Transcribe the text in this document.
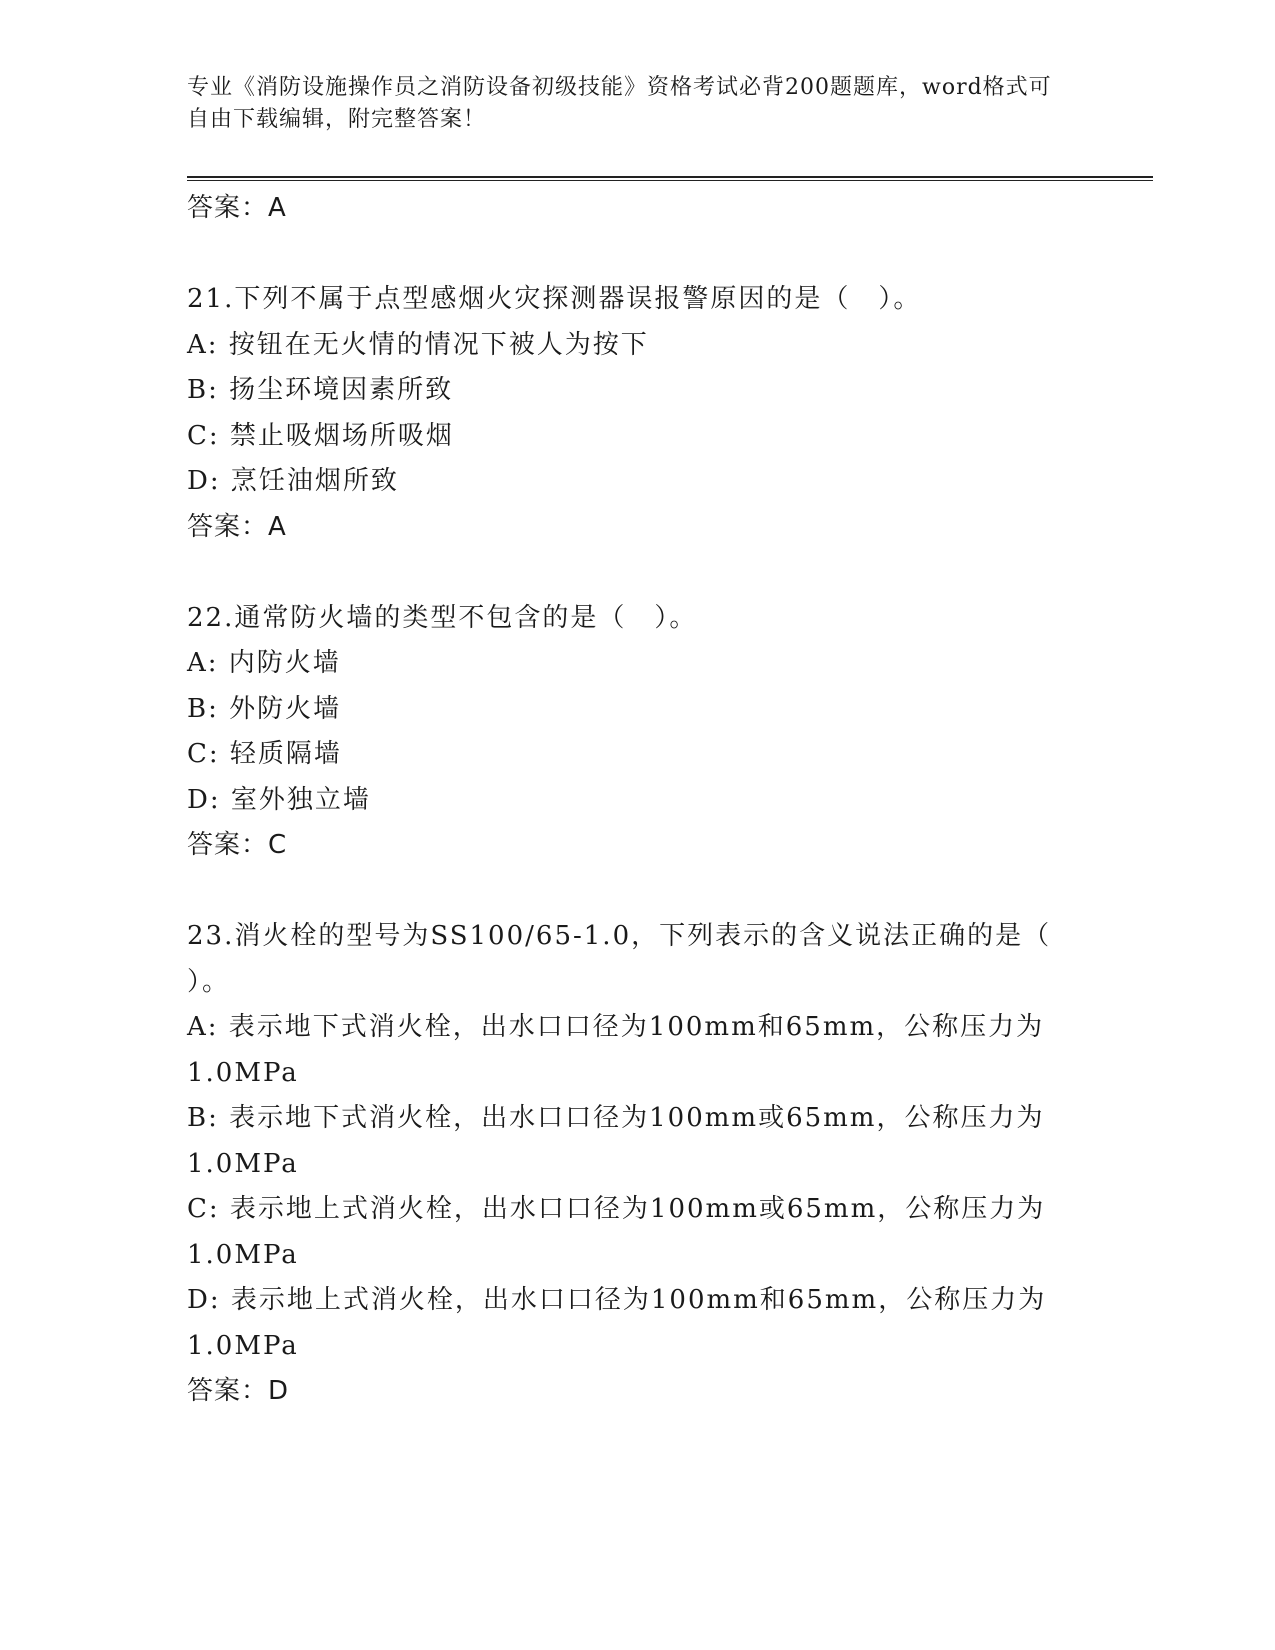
专业《消防设施操作员之消防设备初级技能》资格考试必背200题题库，word格式可自由下载编辑，附完整答案！
答案：A
21.下列不属于点型感烟火灾探测器误报警原因的是（　）。
A: 按钮在无火情的情况下被人为按下
B: 扬尘环境因素所致
C: 禁止吸烟场所吸烟
D: 烹饪油烟所致
答案：A
22.通常防火墙的类型不包含的是（　）。
A: 内防火墙
B: 外防火墙
C: 轻质隔墙
D: 室外独立墙
答案：C
23.消火栓的型号为SS100/65-1.0，下列表示的含义说法正确的是（
）。
A: 表示地下式消火栓，出水口口径为100mm和65mm，公称压力为
1.0MPa
B: 表示地下式消火栓，出水口口径为100mm或65mm，公称压力为
1.0MPa
C: 表示地上式消火栓，出水口口径为100mm或65mm，公称压力为
1.0MPa
D: 表示地上式消火栓，出水口口径为100mm和65mm，公称压力为
1.0MPa
答案：D
